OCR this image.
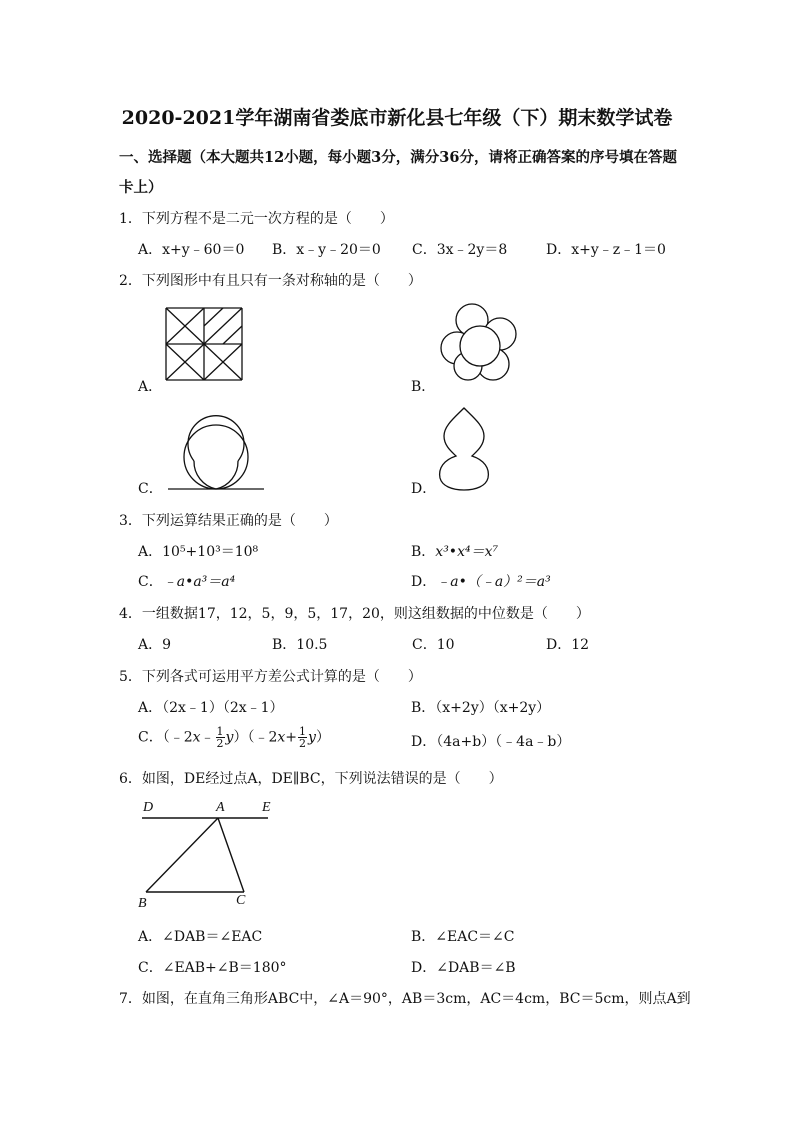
2020-2021学年湖南省娄底市新化县七年级（下）期末数学试卷
一、选择题（本大题共12小题，每小题3分，满分36分，请将正确答案的序号填在答题
卡上）
1．下列方程不是二元一次方程的是（　　）
A．x+y﹣60＝0 B．x﹣y﹣20＝0 C．3x﹣2y＝8	D．x+y﹣z﹣1＝0
2．下列图形中有且只有一条对称轴的是（　　）
A．	B．
C．	D．
3．下列运算结果正确的是（　　）
A．10⁵+10³＝10⁸	B．x³•x⁴＝x⁷
C．﹣a•a³＝a⁴	D．﹣a•（﹣a）²＝a³
4．一组数据17，12，5，9，5，17，20，则这组数据的中位数是（　　）
A．9	B．10.5	C．10	D．12
5．下列各式可运用平方差公式计算的是（　　）
A．（2x﹣1）（2x﹣1）	B．（x+2y）（x+2y）
C．（﹣2x﹣ $\frac{1}{2}$ y）（﹣2x+ $\frac{1}{2} y$）	D．（4a+b）（﹣4a﹣b）
6．如图，DE经过点A，DE∥BC，下列说法错误的是（　　）
D	A	E
B	C
A．∠DAB＝∠EAC	B．∠EAC＝∠C
C．∠EAB+∠B＝180°	D．∠DAB＝∠B
7．如图，在直角三角形ABC中，∠A＝90°，AB＝3cm，AC＝4cm，BC＝5cm，则点A到
